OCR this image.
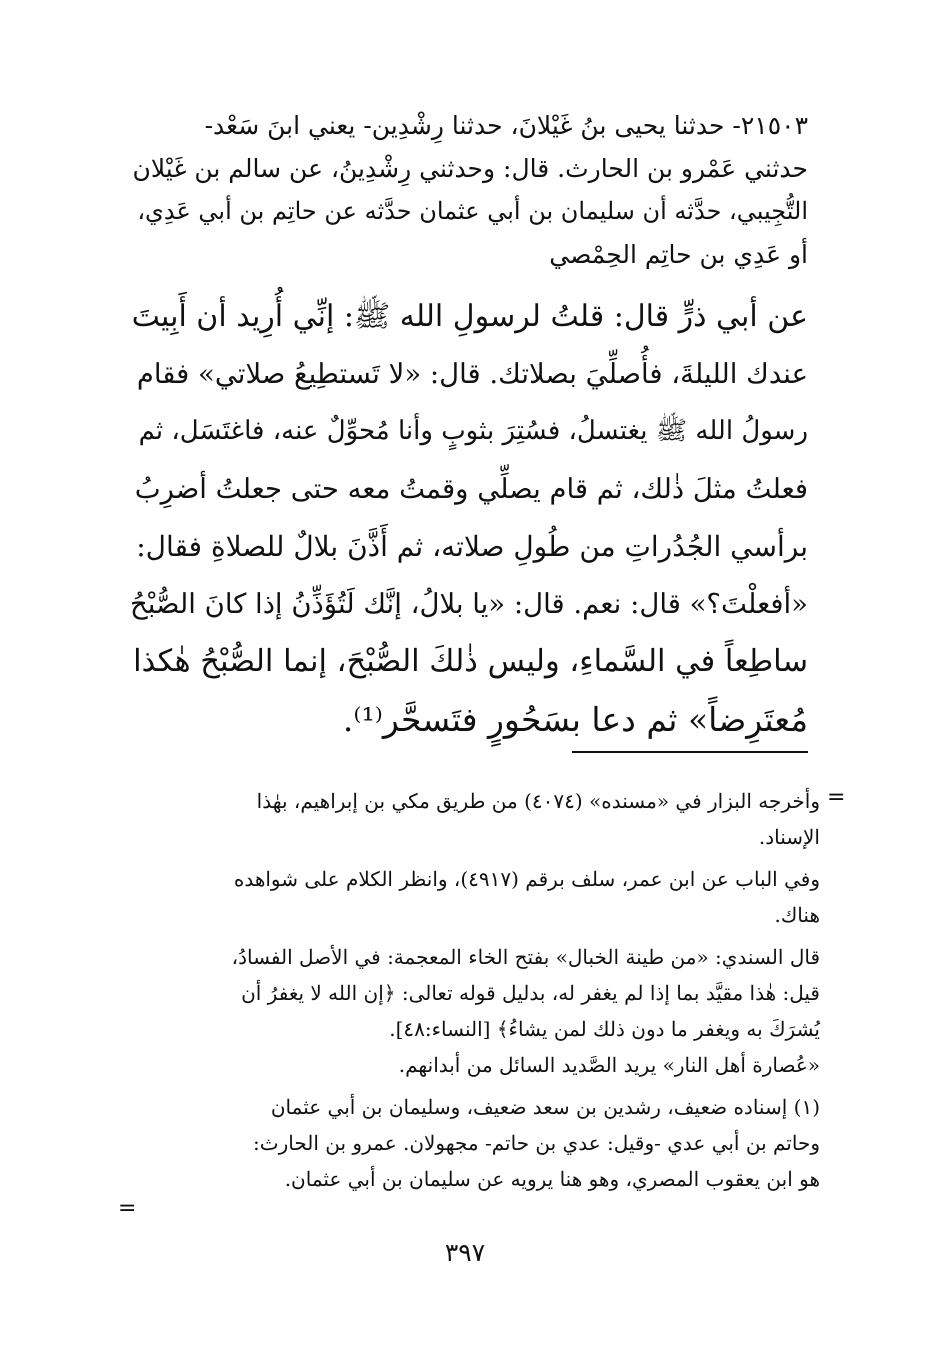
٢١٥٠٣- حدثنا يحيى بنُ غَيْلانَ، حدثنا رِشْدِين- يعني ابنَ سَعْد-
حدثني عَمْرو بن الحارث. قال: وحدثني رِشْدِينُ، عن سالم بن غَيْلان
التُّجِيبي، حدَّثه أن سليمان بن أبي عثمان حدَّثه عن حاتِم بن أبي عَدِي،
أو عَدِي بن حاتِم الحِمْصي
عن أبي ذرٍّ قال: قلتُ لرسولِ الله ﷺ: إنِّي أُرِيد أن أَبِيتَ
عندك الليلةَ، فأُصلِّيَ بصلاتك. قال: «لا تَستطِيعُ صلاتي» فقام
رسولُ الله ﷺ يغتسلُ، فسُتِرَ بثوبٍ وأنا مُحوِّلٌ عنه، فاغتَسَل، ثم
فعلتُ مثلَ ذٰلك، ثم قام يصلِّي وقمتُ معه حتى جعلتُ أضرِبُ
برأسي الجُدُراتِ من طُولِ صلاته، ثم أَذَّنَ بلالٌ للصلاةِ فقال:
«أفعلْتَ؟» قال: نعم. قال: «يا بلالُ، إنَّك لَتُؤَذِّنُ إذا كانَ الصُّبْحُ
ساطِعاً في السَّماءِ، وليس ذٰلكَ الصُّبْحَ، إنما الصُّبْحُ هٰكذا
مُعتَرِضاً» ثم دعا بسَحُورٍ فتَسحَّر⁽¹⁾.
=
وأخرجه البزار في «مسنده» (٤٠٧٤) من طريق مكي بن إبراهيم، بهٰذا
الإسناد.
وفي الباب عن ابن عمر، سلف برقم (٤٩١٧)، وانظر الكلام على شواهده
هناك.
قال السندي: «من طينة الخبال» بفتح الخاء المعجمة: في الأصل الفسادُ،
قيل: هٰذا مقيَّد بما إذا لم يغفر له، بدليل قوله تعالى: ﴿إن الله لا يغفرُ أن
يُشرَكَ به ويغفر ما دون ذلك لمن يشاءُ﴾ [النساء:٤٨].
«عُصارة أهل النار» يريد الصَّديد السائل من أبدانهم.
(١) إسناده ضعيف، رشدين بن سعد ضعيف، وسليمان بن أبي عثمان
وحاتم بن أبي عدي -وقيل: عدي بن حاتم- مجهولان. عمرو بن الحارث:
هو ابن يعقوب المصري، وهو هنا يرويه عن سليمان بن أبي عثمان.
=
٣٩٧
